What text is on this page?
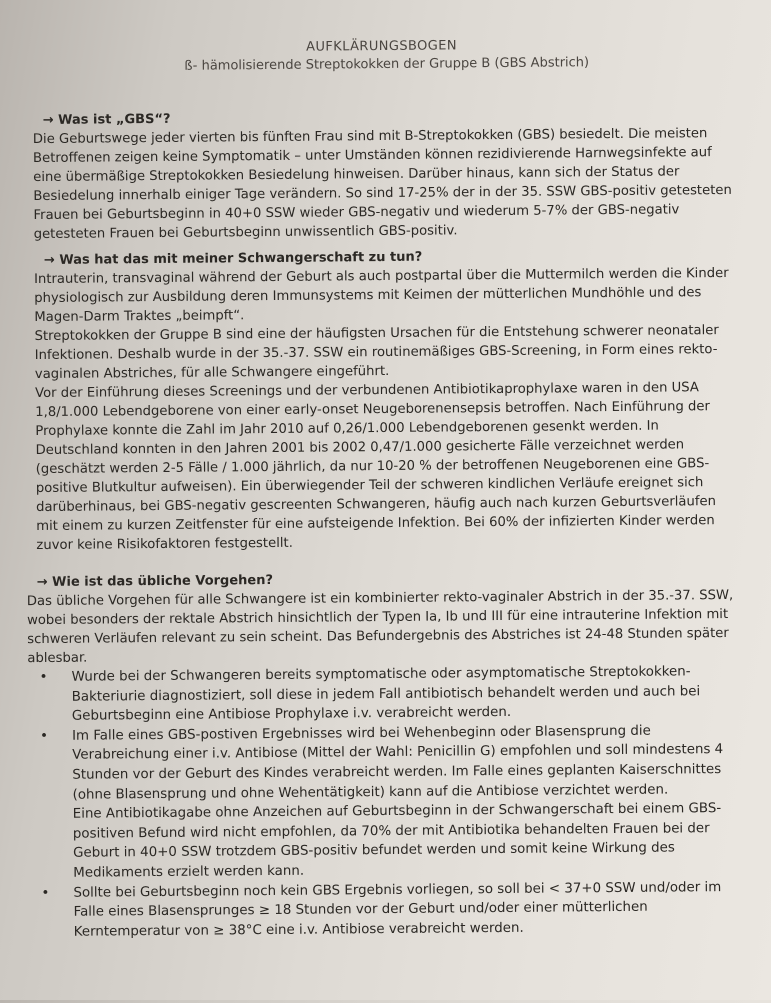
AUFKLÄRUNGSBOGEN
ß- hämolisierende Streptokokken der Gruppe B (GBS Abstrich)
→ Was ist „GBS“?

Die Geburtswege jeder vierten bis fünften Frau sind mit B-Streptokokken (GBS) besiedelt. Die meisten Betroffenen zeigen keine Symptomatik – unter Umständen können rezidivierende Harnwegsinfekte auf eine übermäßige Streptokokken Besiedelung hinweisen. Darüber hinaus, kann sich der Status der Besiedelung innerhalb einiger Tage verändern. So sind 17-25% der in der 35. SSW GBS-positiv getesteten Frauen bei Geburtsbeginn in 40+0 SSW wieder GBS-negativ und wiederum 5-7% der GBS-negativ getesteten Frauen bei Geburtsbeginn unwissentlich GBS-positiv.

→ Was hat das mit meiner Schwangerschaft zu tun?

Intrauterin, transvaginal während der Geburt als auch postpartal über die Muttermilch werden die Kinder physiologisch zur Ausbildung deren Immunsystems mit Keimen der mütterlichen Mundhöhle und des Magen-Darm Traktes „beimpft“.

Streptokokken der Gruppe B sind eine der häufigsten Ursachen für die Entstehung schwerer neonataler Infektionen. Deshalb wurde in der 35.-37. SSW ein routinemäßiges GBS-Screening, in Form eines rekto-vaginalen Abstriches, für alle Schwangere eingeführt.

Vor der Einführung dieses Screenings und der verbundenen Antibiotikaprophylaxe waren in den USA 1,8/1.000 Lebendgeborene von einer early-onset Neugeborenensepsis betroffen. Nach Einführung der Prophylaxe konnte die Zahl im Jahr 2010 auf 0,26/1.000 Lebendgeborenen gesenkt werden. In Deutschland konnten in den Jahren 2001 bis 2002 0,47/1.000 gesicherte Fälle verzeichnet werden (geschätzt werden 2-5 Fälle / 1.000 jährlich, da nur 10-20 % der betroffenen Neugeborenen eine GBS-positive Blutkultur aufweisen). Ein überwiegender Teil der schweren kindlichen Verläufe ereignet sich darüberhinaus, bei GBS-negativ gescreenten Schwangeren, häufig auch nach kurzen Geburtsverläufen mit einem zu kurzen Zeitfenster für eine aufsteigende Infektion. Bei 60% der infizierten Kinder werden zuvor keine Risikofaktoren festgestellt.

→ Wie ist das übliche Vorgehen?

Das übliche Vorgehen für alle Schwangere ist ein kombinierter rekto-vaginaler Abstrich in der 35.-37. SSW, wobei besonders der rektale Abstrich hinsichtlich der Typen Ia, Ib und III für eine intrauterine Infektion mit schweren Verläufen relevant zu sein scheint. Das Befundergebnis des Abstriches ist 24-48 Stunden später ablesbar.

• Wurde bei der Schwangeren bereits symptomatische oder asymptomatische Streptokokken-Bakteriurie diagnostiziert, soll diese in jedem Fall antibiotisch behandelt werden und auch bei Geburtsbeginn eine Antibiose Prophylaxe i.v. verabreicht werden.

• Im Falle eines GBS-postiven Ergebnisses wird bei Wehenbeginn oder Blasensprung die Verabreichung einer i.v. Antibiose (Mittel der Wahl: Penicillin G) empfohlen und soll mindestens 4 Stunden vor der Geburt des Kindes verabreicht werden. Im Falle eines geplanten Kaiserschnittes (ohne Blasensprung und ohne Wehentätigkeit) kann auf die Antibiose verzichtet werden.

Eine Antibiotikagabe ohne Anzeichen auf Geburtsbeginn in der Schwangerschaft bei einem GBS-positiven Befund wird nicht empfohlen, da 70% der mit Antibiotika behandelten Frauen bei der Geburt in 40+0 SSW trotzdem GBS-positiv befundet werden und somit keine Wirkung des Medikaments erzielt werden kann.

• Sollte bei Geburtsbeginn noch kein GBS Ergebnis vorliegen, so soll bei < 37+0 SSW und/oder im Falle eines Blasensprunges ≥ 18 Stunden vor der Geburt und/oder einer mütterlichen Kerntemperatur von ≥ 38°C eine i.v. Antibiose verabreicht werden.
